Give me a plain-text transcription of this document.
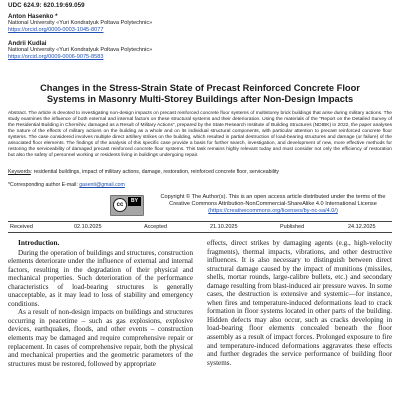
UDC 624.9: 620.19:69.059
Anton Hasenko *
National University «Yuri Kondratyuk Poltava Polytechnic»
https://orcid.org/0000-0003-1045-8077
Andrii Kudlai
National University «Yuri Kondratyuk Poltava Polytechnic»
https://orcid.org/0009-0006-9075-8583
Changes in the Stress-Strain State of Precast Reinforced Concrete Floor Systems in Masonry Multi-Storey Buildings after Non-Design Impacts
Abstract. The article is devoted to investigating non-design impacts on precast reinforced concrete floor systems of multistorey brick buildings that arise during military actions. The study examines the influence of both external and internal factors on these structural systems and their deterioration. Using the materials of the “Report on the Detailed Survey of the Residential Building in Chernihiv, damaged as a Result of Military Actions”, prepared by the State Research Institute of Building Structures (NDIBK) in 2022, the paper analyses the nature of the effects of military actions on the building as a whole and on its individual structural components, with particular attention to precast reinforced concrete floor systems. The case considered involves multiple direct artillery strikes on the building, which resulted in partial destruction of load-bearing structures and damage (or failure) of the associated floor elements. The findings of the analysis of this specific case provide a basis for further search, investigation, and development of new, more effective methods for restoring the serviceability of damaged precast reinforced concrete floor systems. This task remains highly relevant today and must consider not only the efficiency of restoration but also the safety of personnel working or residents living in buildings undergoing repair.
Keywords: residential buildings, impact of military actions, damage, restoration, reinforced concrete floor, serviceability
*Corresponding author E-mail: gasenti@gmail.com
cc
BY
Copyright © The Author(s). This is an open access article distributed under the terms of the
Creative Commons Attribution-NonCommercial-ShareAlike 4.0 International License
(https://creativecommons.org/licenses/by-nc-sa/4.0/)
Received	02.10.2025	Accepted	21.10.2025	Published	24.12.2025
Introduction.

During the operation of buildings and structures, construction elements deteriorate under the influence of external and internal factors, resulting in the degradation of their physical and mechanical properties. Such deterioration of the performance characteristics of load-bearing structures is generally unacceptable, as it may lead to loss of stability and emergency conditions.

As a result of non-design impacts on buildings and structures occurring in peacetime – such as gas explosions, explosive devices, earthquakes, floods, and other events – construction elements may be damaged and require comprehensive repair or replacement. In cases of comprehensive repair, both the physical and mechanical properties and the geometric parameters of the structures must be restored, followed by appropriate

effects, direct strikes by damaging agents (e.g., high-velocity fragments), thermal impacts, vibrations, and other destructive influences. It is also necessary to distinguish between direct structural damage caused by the impact of munitions (missiles, shells, mortar rounds, large-calibre bullets, etc.) and secondary damage resulting from blast-induced air pressure waves. In some cases, the destruction is extensive and systemic—for instance, when fires and temperature-induced deformations lead to crack formation in floor systems located in other parts of the building. Hidden defects may also occur, such as cracks developing in load-bearing floor elements concealed beneath the floor assembly as a result of impact forces. Prolonged exposure to fire and temperature-induced deformations aggravates these effects and further degrades the service performance of building floor systems.
